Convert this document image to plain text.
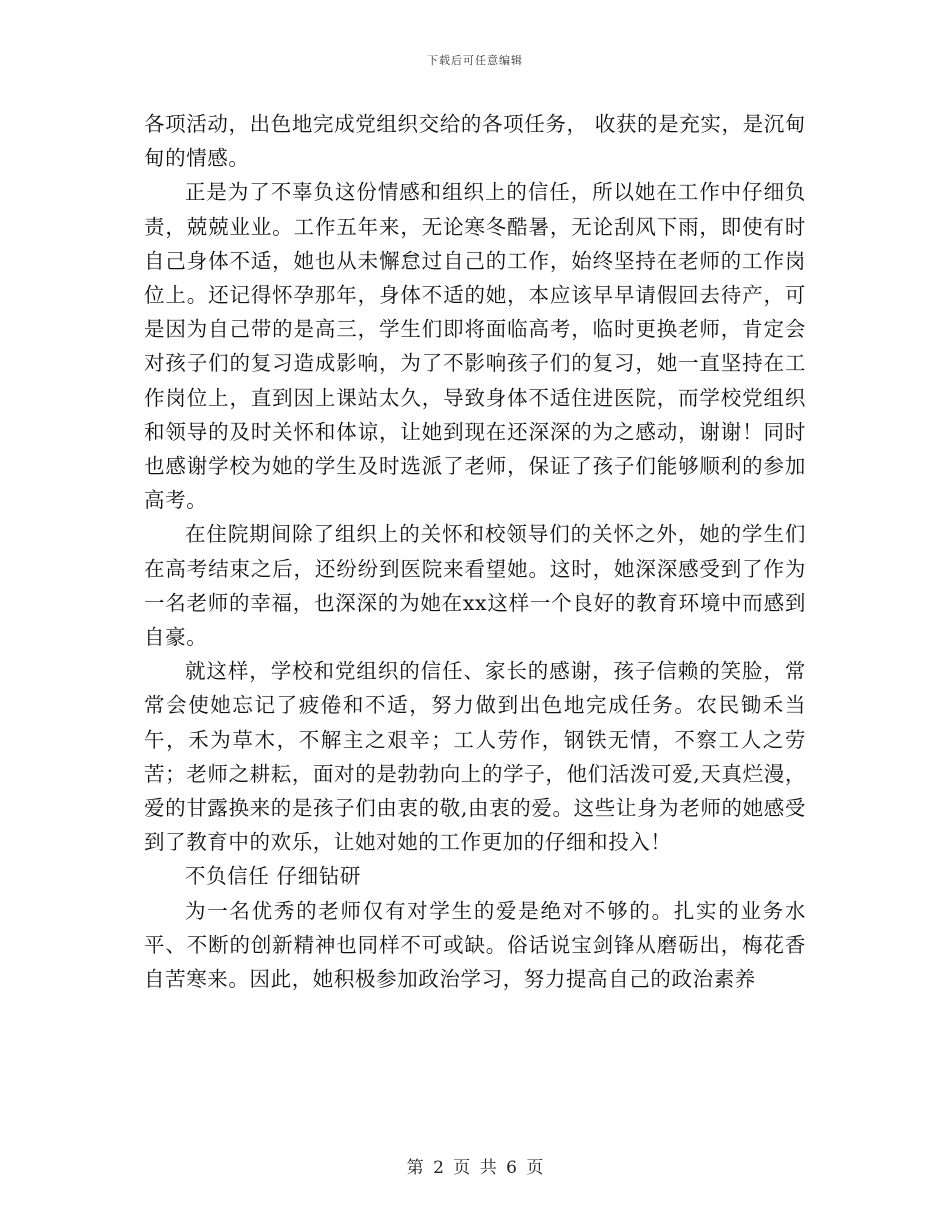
下载后可任意编辑

各项活动，出色地完成党组织交给的各项任务， 收获的是充实，是沉甸甸的情感。

正是为了不辜负这份情感和组织上的信任，所以她在工作中仔细负责，兢兢业业。工作五年来，无论寒冬酷暑，无论刮风下雨，即使有时自己身体不适，她也从未懈怠过自己的工作，始终坚持在老师的工作岗位上。还记得怀孕那年，身体不适的她，本应该早早请假回去待产，可是因为自己带的是高三，学生们即将面临高考，临时更换老师，肯定会对孩子们的复习造成影响，为了不影响孩子们的复习，她一直坚持在工作岗位上，直到因上课站太久，导致身体不适住进医院，而学校党组织和领导的及时关怀和体谅，让她到现在还深深的为之感动，谢谢！同时也感谢学校为她的学生及时选派了老师，保证了孩子们能够顺利的参加高考。

在住院期间除了组织上的关怀和校领导们的关怀之外，她的学生们在高考结束之后，还纷纷到医院来看望她。这时，她深深感受到了作为一名老师的幸福，也深深的为她在xx这样一个良好的教育环境中而感到自豪。

就这样，学校和党组织的信任、家长的感谢，孩子信赖的笑脸，常常会使她忘记了疲倦和不适，努力做到出色地完成任务。农民锄禾当午，禾为草木，不解主之艰辛；工人劳作，钢铁无情，不察工人之劳苦；老师之耕耘，面对的是勃勃向上的学子，他们活泼可爱,天真烂漫，爱的甘露换来的是孩子们由衷的敬,由衷的爱。这些让身为老师的她感受到了教育中的欢乐，让她对她的工作更加的仔细和投入！

不负信任 仔细钻研

为一名优秀的老师仅有对学生的爱是绝对不够的。扎实的业务水平、不断的创新精神也同样不可或缺。俗话说宝剑锋从磨砺出，梅花香自苦寒来。因此，她积极参加政治学习，努力提高自己的政治素养

第 2 页 共 6 页
